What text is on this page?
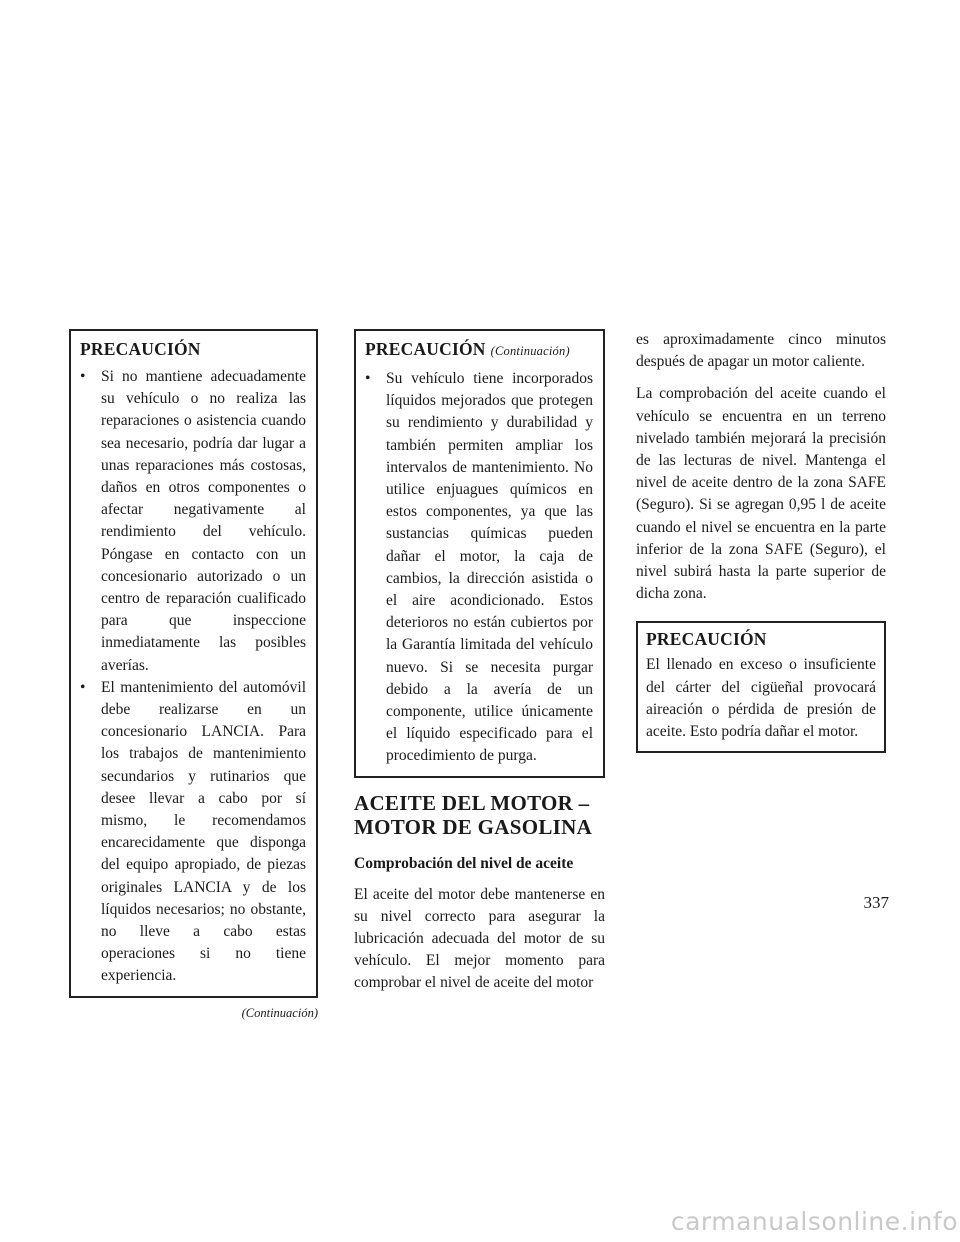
PRECAUCIÓN
•	Si no mantiene adecuadamente su vehículo o no realiza las reparaciones o asistencia cuando sea necesario, podría dar lugar a unas reparaciones más costosas, daños en otros componentes o afectar negativamente al rendimiento del vehículo. Póngase en contacto con un concesionario autorizado o un centro de reparación cualificado para que inspeccione inmediatamente las posibles averías.
•	El mantenimiento del automóvil debe realizarse en un concesionario LANCIA. Para los trabajos de mantenimiento secundarios y rutinarios que desee llevar a cabo por sí mismo, le recomendamos encarecidamente que disponga del equipo apropiado, de piezas originales LANCIA y de los líquidos necesarios; no obstante, no lleve a cabo estas operaciones si no tiene experiencia.
(Continuación)
PRECAUCIÓN (Continuación)
•	Su vehículo tiene incorporados líquidos mejorados que protegen su rendimiento y durabilidad y también permiten ampliar los intervalos de mantenimiento. No utilice enjuagues químicos en estos componentes, ya que las sustancias químicas pueden dañar el motor, la caja de cambios, la dirección asistida o el aire acondicionado. Estos deterioros no están cubiertos por la Garantía limitada del vehículo nuevo. Si se necesita purgar debido a la avería de un componente, utilice únicamente el líquido especificado para el procedimiento de purga.
ACEITE DEL MOTOR –
MOTOR DE GASOLINA
Comprobación del nivel de aceite

El aceite del motor debe mantenerse en su nivel correcto para asegurar la lubricación adecuada del motor de su vehículo. El mejor momento para comprobar el nivel de aceite del motor

es aproximadamente cinco minutos después de apagar un motor caliente.

La comprobación del aceite cuando el vehículo se encuentra en un terreno nivelado también mejorará la precisión de las lecturas de nivel. Mantenga el nivel de aceite dentro de la zona SAFE (Seguro). Si se agregan 0,95 l de aceite cuando el nivel se encuentra en la parte inferior de la zona SAFE (Seguro), el nivel subirá hasta la parte superior de dicha zona.

PRECAUCIÓN

El llenado en exceso o insuficiente del cárter del cigüeñal provocará aireación o pérdida de presión de aceite. Esto podría dañar el motor.

337
carmanualsonline.info
